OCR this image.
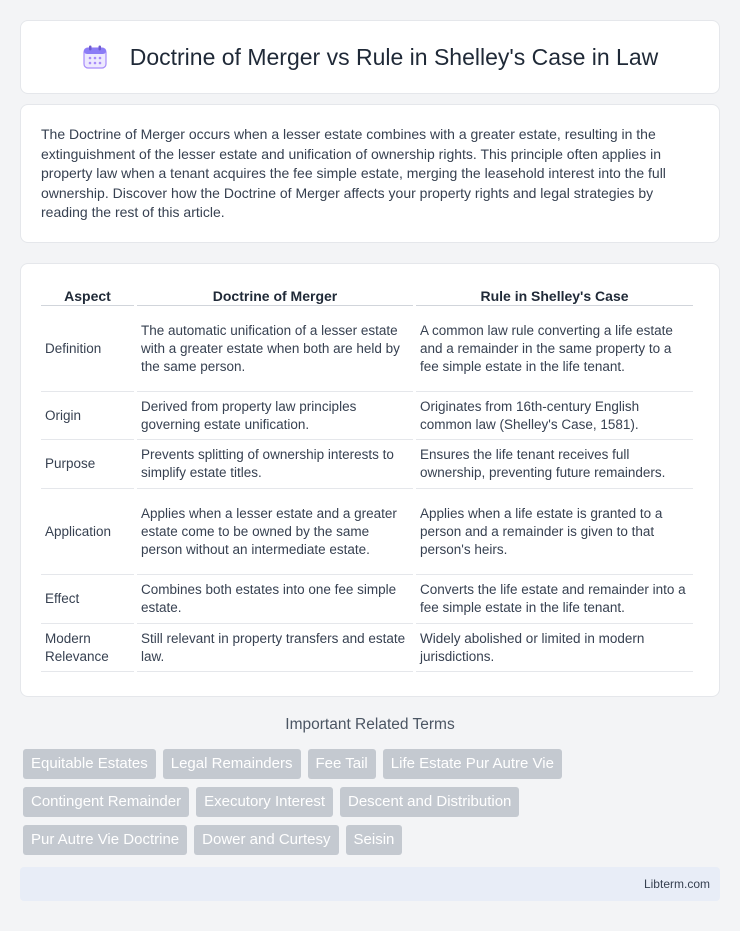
Doctrine of Merger vs Rule in Shelley's Case in Law

The Doctrine of Merger occurs when a lesser estate combines with a greater estate, resulting in the extinguishment of the lesser estate and unification of ownership rights. This principle often applies in property law when a tenant acquires the fee simple estate, merging the leasehold interest into the full ownership. Discover how the Doctrine of Merger affects your property rights and legal strategies by reading the rest of this article.

Aspect	Doctrine of Merger	Rule in Shelley's Case
Definition	The automatic unification of a lesser estate with a greater estate when both are held by the same person.	A common law rule converting a life estate and a remainder in the same property to a fee simple estate in the life tenant.
Origin	Derived from property law principles governing estate unification.	Originates from 16th-century English common law (Shelley's Case, 1581).
Purpose	Prevents splitting of ownership interests to simplify estate titles.	Ensures the life tenant receives full ownership, preventing future remainders.
Application	Applies when a lesser estate and a greater estate come to be owned by the same person without an intermediate estate.	Applies when a life estate is granted to a person and a remainder is given to that person's heirs.
Effect	Combines both estates into one fee simple estate.	Converts the life estate and remainder into a fee simple estate in the life tenant.
Modern Relevance	Still relevant in property transfers and estate law.	Widely abolished or limited in modern jurisdictions.
Important Related Terms
Equitable Estates	Legal Remainders	Fee Tail	Life Estate Pur Autre Vie
Contingent Remainder	Executory Interest	Descent and Distribution
Pur Autre Vie Doctrine	Dower and Curtesy	Seisin
Libterm.com
